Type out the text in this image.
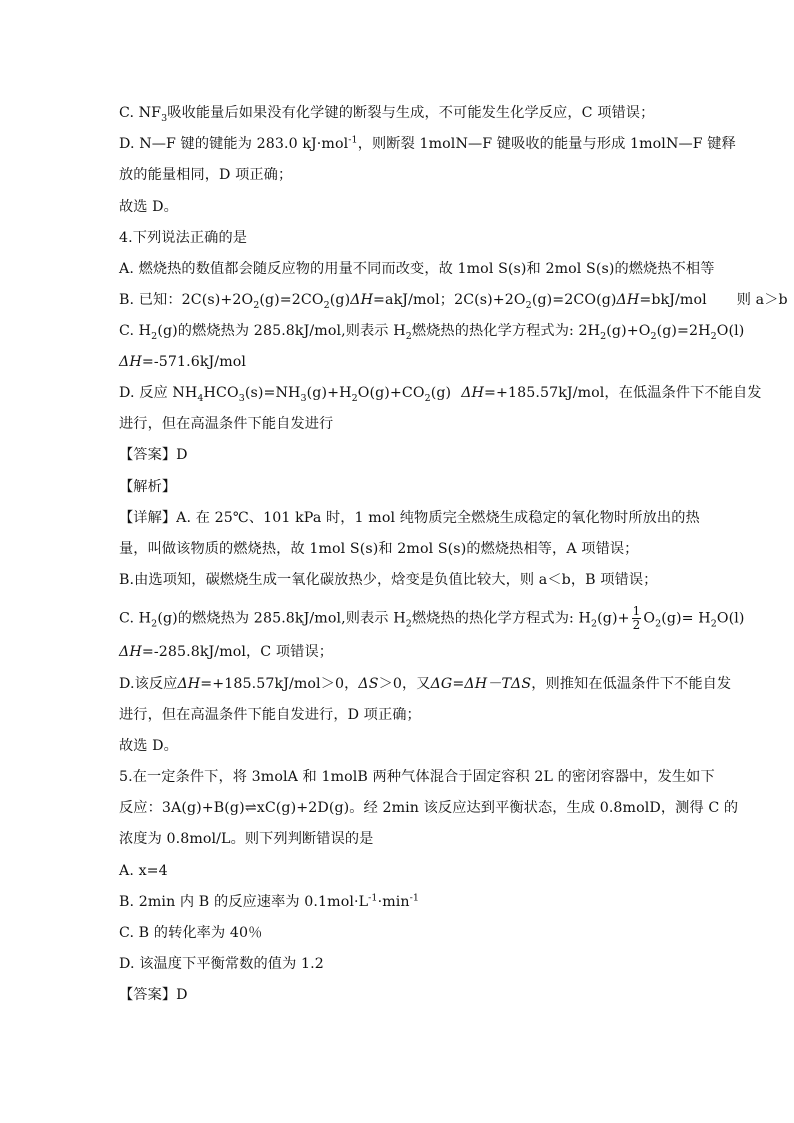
C. $NF_3$吸收能量后如果没有化学键的断裂与生成，不可能发生化学反应，C 项错误；
D. N—F 键的键能为 283.0 kJ·mol$^{-1}$，则断裂 1molN—F 键吸收的能量与形成 1molN—F 键释
放的能量相同，D 项正确；
故选 D。
4.下列说法正确的是
A. 燃烧热的数值都会随反应物的用量不同而改变，故 1mol S(s)和 2mol S(s)的燃烧热不相等
B. 已知：$2C(s)+2O_2(g)=2CO_2(g)\Delta H=akJ$/mol；$2C(s)+2O_2(g)=2CO(g)\Delta H=bkJ$/mol 则 a＞b
C. $H_2(g)$的燃烧热为 285.8kJ/mol,则表示 $H_2$燃烧热的热化学方程式为: $2H_2(g)+O_2(g)=2H_2O(l)$
ΔH=-571.6kJ/mol
D. 反应 $NH_4HCO_3(s)=NH_3(g)+H_2O(g)+CO_2(g)$ ΔH=+185.57kJ/mol，在低温条件下不能自发
进行，但在高温条件下能自发进行
【答案】D
【解析】
【详解】A. 在 25℃、101 kPa 时，1 mol 纯物质完全燃烧生成稳定的氧化物时所放出的热
量，叫做该物质的燃烧热，故 1mol S(s)和 2mol S(s)的燃烧热相等，A 项错误；
B.由选项知，碳燃烧生成一氧化碳放热少，焓变是负值比较大，则 a＜b，B 项错误；
C. $H_2(g)$的燃烧热为 285.8kJ/mol,则表示 $H_2$燃烧热的热化学方程式为: $H_2(g)+ \frac{1}{2} O_2(g)= H_2O(l)$
ΔH=-285.8kJ/mol，C 项错误；
D.该反应ΔH=+185.57kJ/mol＞0，ΔS＞0，又ΔG=ΔH－TΔS，则推知在低温条件下不能自发
进行，但在高温条件下能自发进行，D 项正确；
故选 D。
5.在一定条件下，将 3molA 和 1molB 两种气体混合于固定容积 2L 的密闭容器中，发生如下
反应：3A(g)+B(g)⇌xC(g)+2D(g)。经 2min 该反应达到平衡状态，生成 0.8molD，测得 C 的
浓度为 0.8mol/L。则下列判断错误的是
A. x=4
B. 2min 内 B 的反应速率为 $0.1mol\cdot L^{-1}\cdot\min^{-1}$
C. B 的转化率为 40％
D. 该温度下平衡常数的值为 1.2
【答案】D
